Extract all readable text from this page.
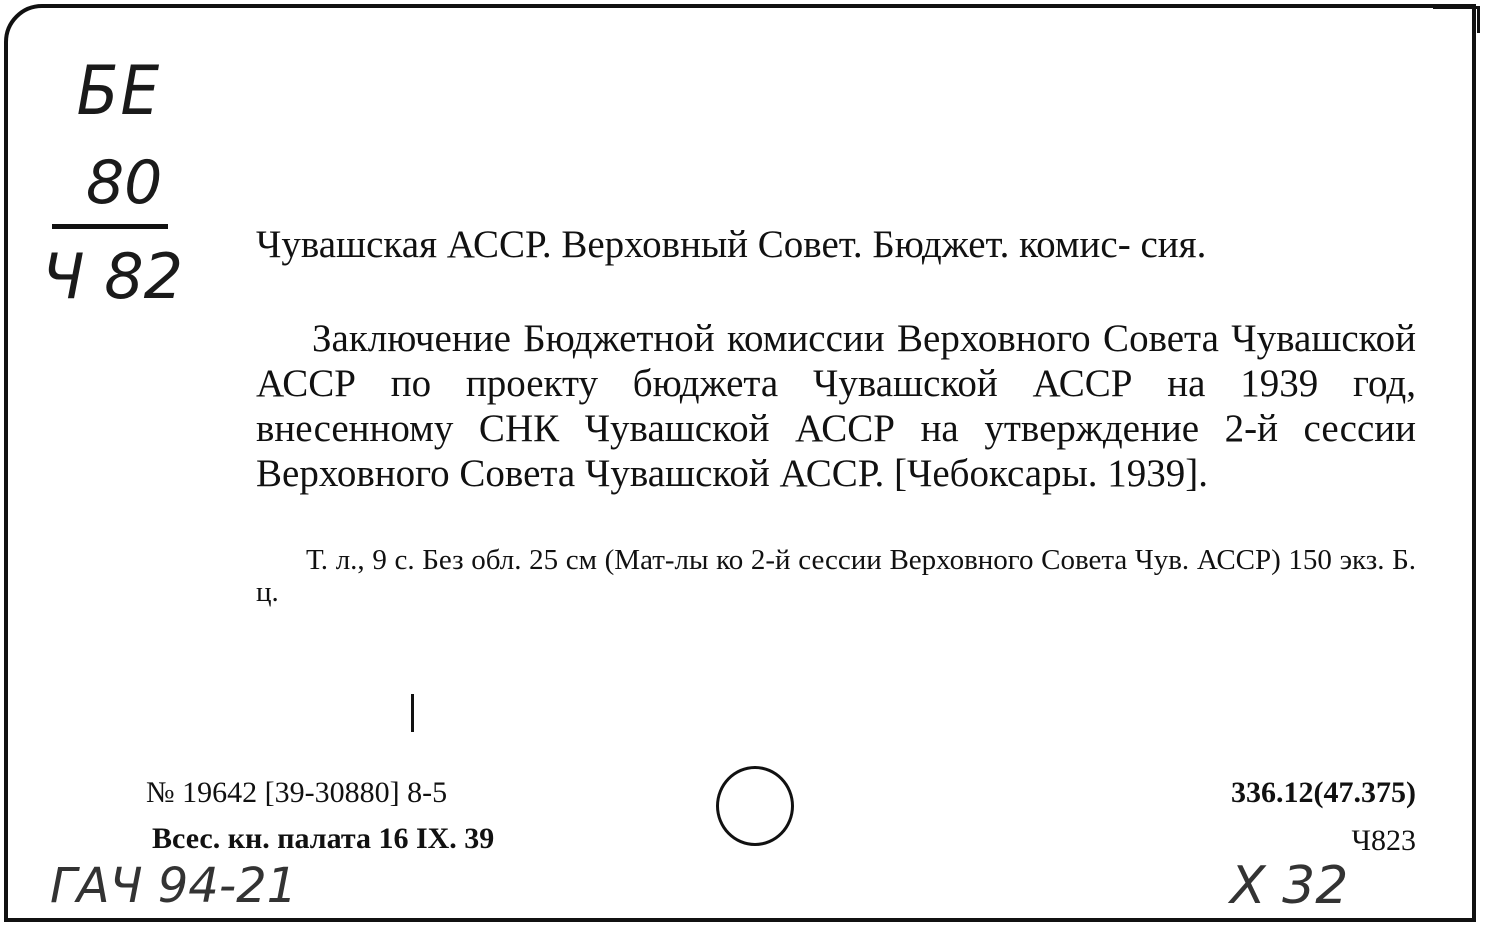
БЕ
80
Ч 82 Чувашская АССР. Верховный Совет. Бюджет. комис- сия.
Заключение Бюджетной комиссии Верховного Совета Чувашской АССР по проекту бюджета Чувашской АССР на 1939 год, внесенному СНК Чувашской АССР на утверждение 2-й сессии Верховного Совета Чувашской АССР. [Чебоксары. 1939].
Т. л., 9 с. Без обл. 25 см (Мат-лы ко 2-й сессии Верховного Совета Чув. АССР) 150 экз. Б. ц.
№ 19642 [39-30880] 8-5
Всес. кн. палата 16 IX. 39
336.12(47.375)
Ч823
ГАЧ 94-21	Х 32
